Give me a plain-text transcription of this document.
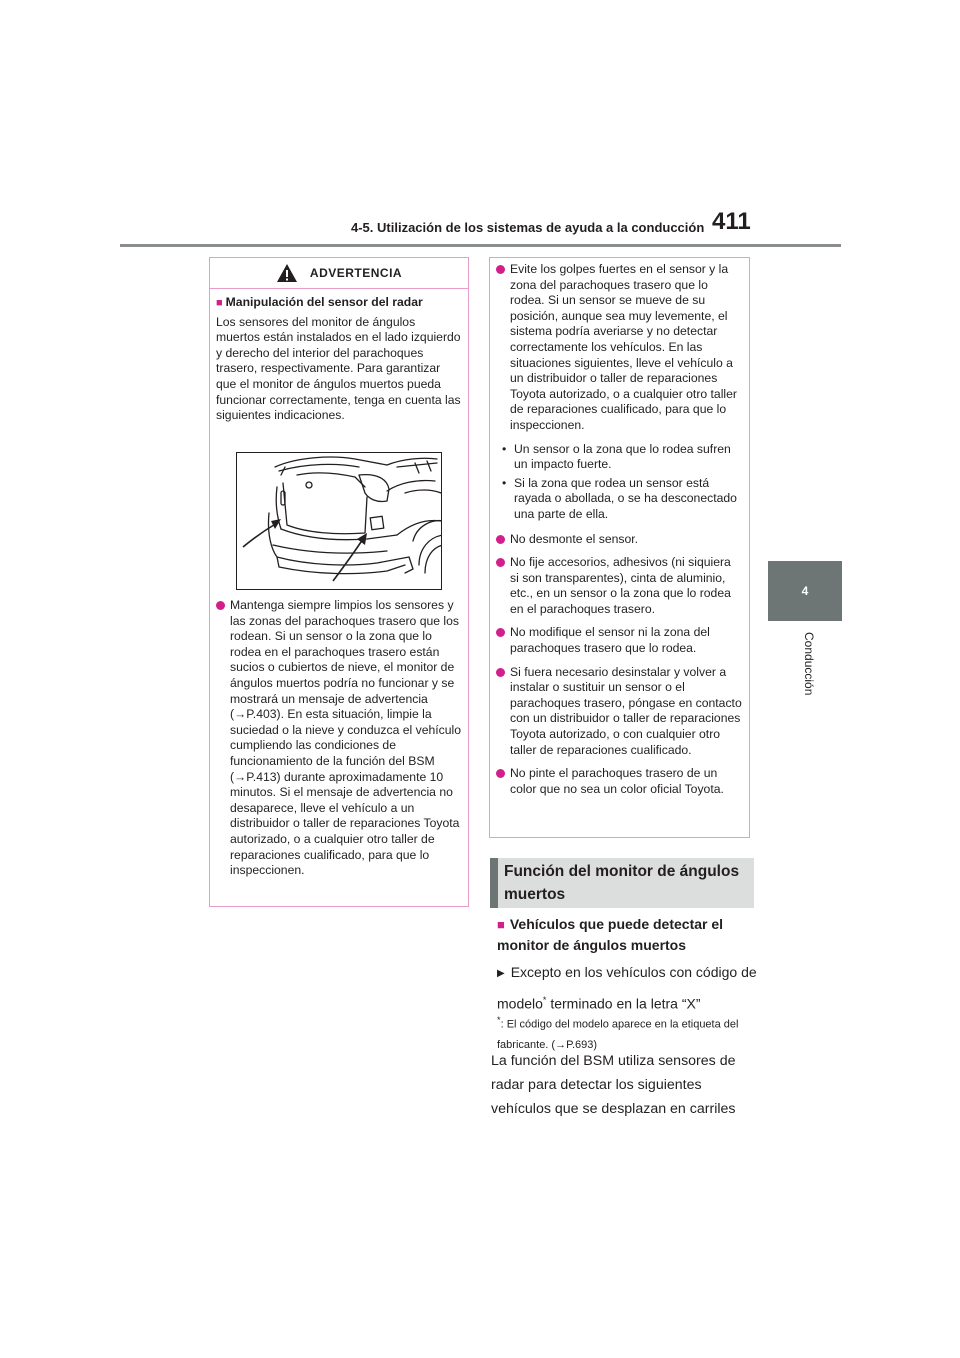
4-5. Utilización de los sistemas de ayuda a la conducción 411
4
Conducción
ADVERTENCIA
■ Manipulación del sensor del radar

Los sensores del monitor de ángulos muertos están instalados en el lado izquierdo y derecho del interior del parachoques trasero, respectivamente. Para garantizar que el monitor de ángulos muertos pueda funcionar correctamente, tenga en cuenta las siguientes indicaciones.

Mantenga siempre limpios los sensores y las zonas del parachoques trasero que los rodean. Si un sensor o la zona que lo rodea en el parachoques trasero están sucios o cubiertos de nieve, el monitor de ángulos muertos podría no funcionar y se mostrará un mensaje de advertencia (→P.403). En esta situación, limpie la suciedad o la nieve y conduzca el vehículo cumpliendo las condiciones de funcionamiento de la función del BSM (→P.413) durante aproximadamente 10 minutos. Si el mensaje de advertencia no desaparece, lleve el vehículo a un distribuidor o taller de reparaciones Toyota autorizado, o a cualquier otro taller de reparaciones cualificado, para que lo inspeccionen.
Evite los golpes fuertes en el sensor y la zona del parachoques trasero que lo rodea. Si un sensor se mueve de su posición, aunque sea muy levemente, el sistema podría averiarse y no detectar correctamente los vehículos. En las situaciones siguientes, lleve el vehículo a un distribuidor o taller de reparaciones Toyota autorizado, o a cualquier otro taller de reparaciones cualificado, para que lo inspeccionen.
• Un sensor o la zona que lo rodea sufren un impacto fuerte.
• Si la zona que rodea un sensor está rayada o abollada, o se ha desconectado una parte de ella.
No desmonte el sensor.
No fije accesorios, adhesivos (ni siquiera si son transparentes), cinta de aluminio, etc., en un sensor o la zona que lo rodea en el parachoques trasero.
No modifique el sensor ni la zona del parachoques trasero que lo rodea.
Si fuera necesario desinstalar y volver a instalar o sustituir un sensor o el parachoques trasero, póngase en contacto con un distribuidor o taller de reparaciones Toyota autorizado, o con cualquier otro taller de reparaciones cualificado.
No pinte el parachoques trasero de un color que no sea un color oficial Toyota.
Función del monitor de ángulos muertos
■ Vehículos que puede detectar el monitor de ángulos muertos
▶ Excepto en los vehículos con código de modelo* terminado en la letra “X”
*: El código del modelo aparece en la etiqueta del fabricante. (→P.693)
La función del BSM utiliza sensores de radar para detectar los siguientes vehículos que se desplazan en carriles
